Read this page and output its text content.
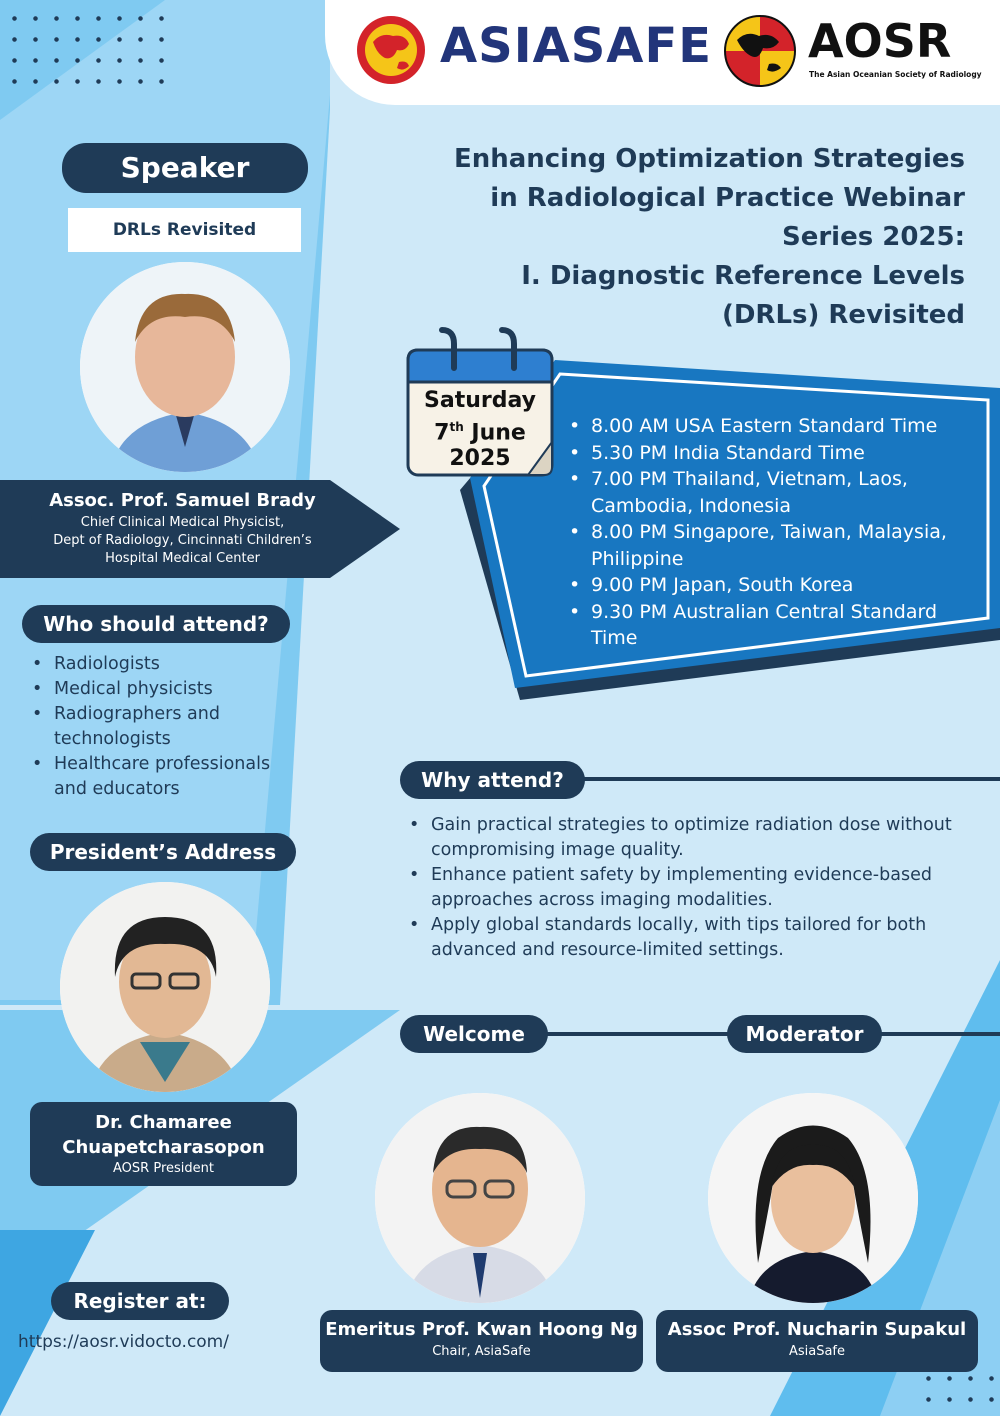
ASIASAFE AOSR
The Asian Oceanian Society of Radiology
Enhancing Optimization Strategies
in Radiological Practice Webinar
Series 2025:
I. Diagnostic Reference Levels
(DRLs) Revisited
Speaker
DRLs Revisited
Assoc. Prof. Samuel Brady
Chief Clinical Medical Physicist,
Dept of Radiology, Cincinnati Children’s
Hospital Medical Center
Saturday
7th June
2025
• 8.00 AM USA Eastern Standard Time
• 5.30 PM India Standard Time
• 7.00 PM Thailand, Vietnam, Laos, Cambodia, Indonesia
• 8.00 PM Singapore, Taiwan, Malaysia, Philippine
• 9.00 PM Japan, South Korea
• 9.30 PM Australian Central Standard Time
Who should attend?
• Radiologists
• Medical physicists
• Radiographers and technologists
• Healthcare professionals and educators	Why attend?
• Gain practical strategies to optimize radiation dose without compromising image quality.
• Enhance patient safety by implementing evidence-based approaches across imaging modalities.
• Apply global standards locally, with tips tailored for both advanced and resource-limited settings.
President’s Address
Dr. Chamaree
Chuapetcharasopon
AOSR President
Welcome	Moderator
Emeritus Prof. Kwan Hoong Ng
Chair, AsiaSafe
Assoc Prof. Nucharin Supakul
AsiaSafe
Register at:
https://aosr.vidocto.com/
